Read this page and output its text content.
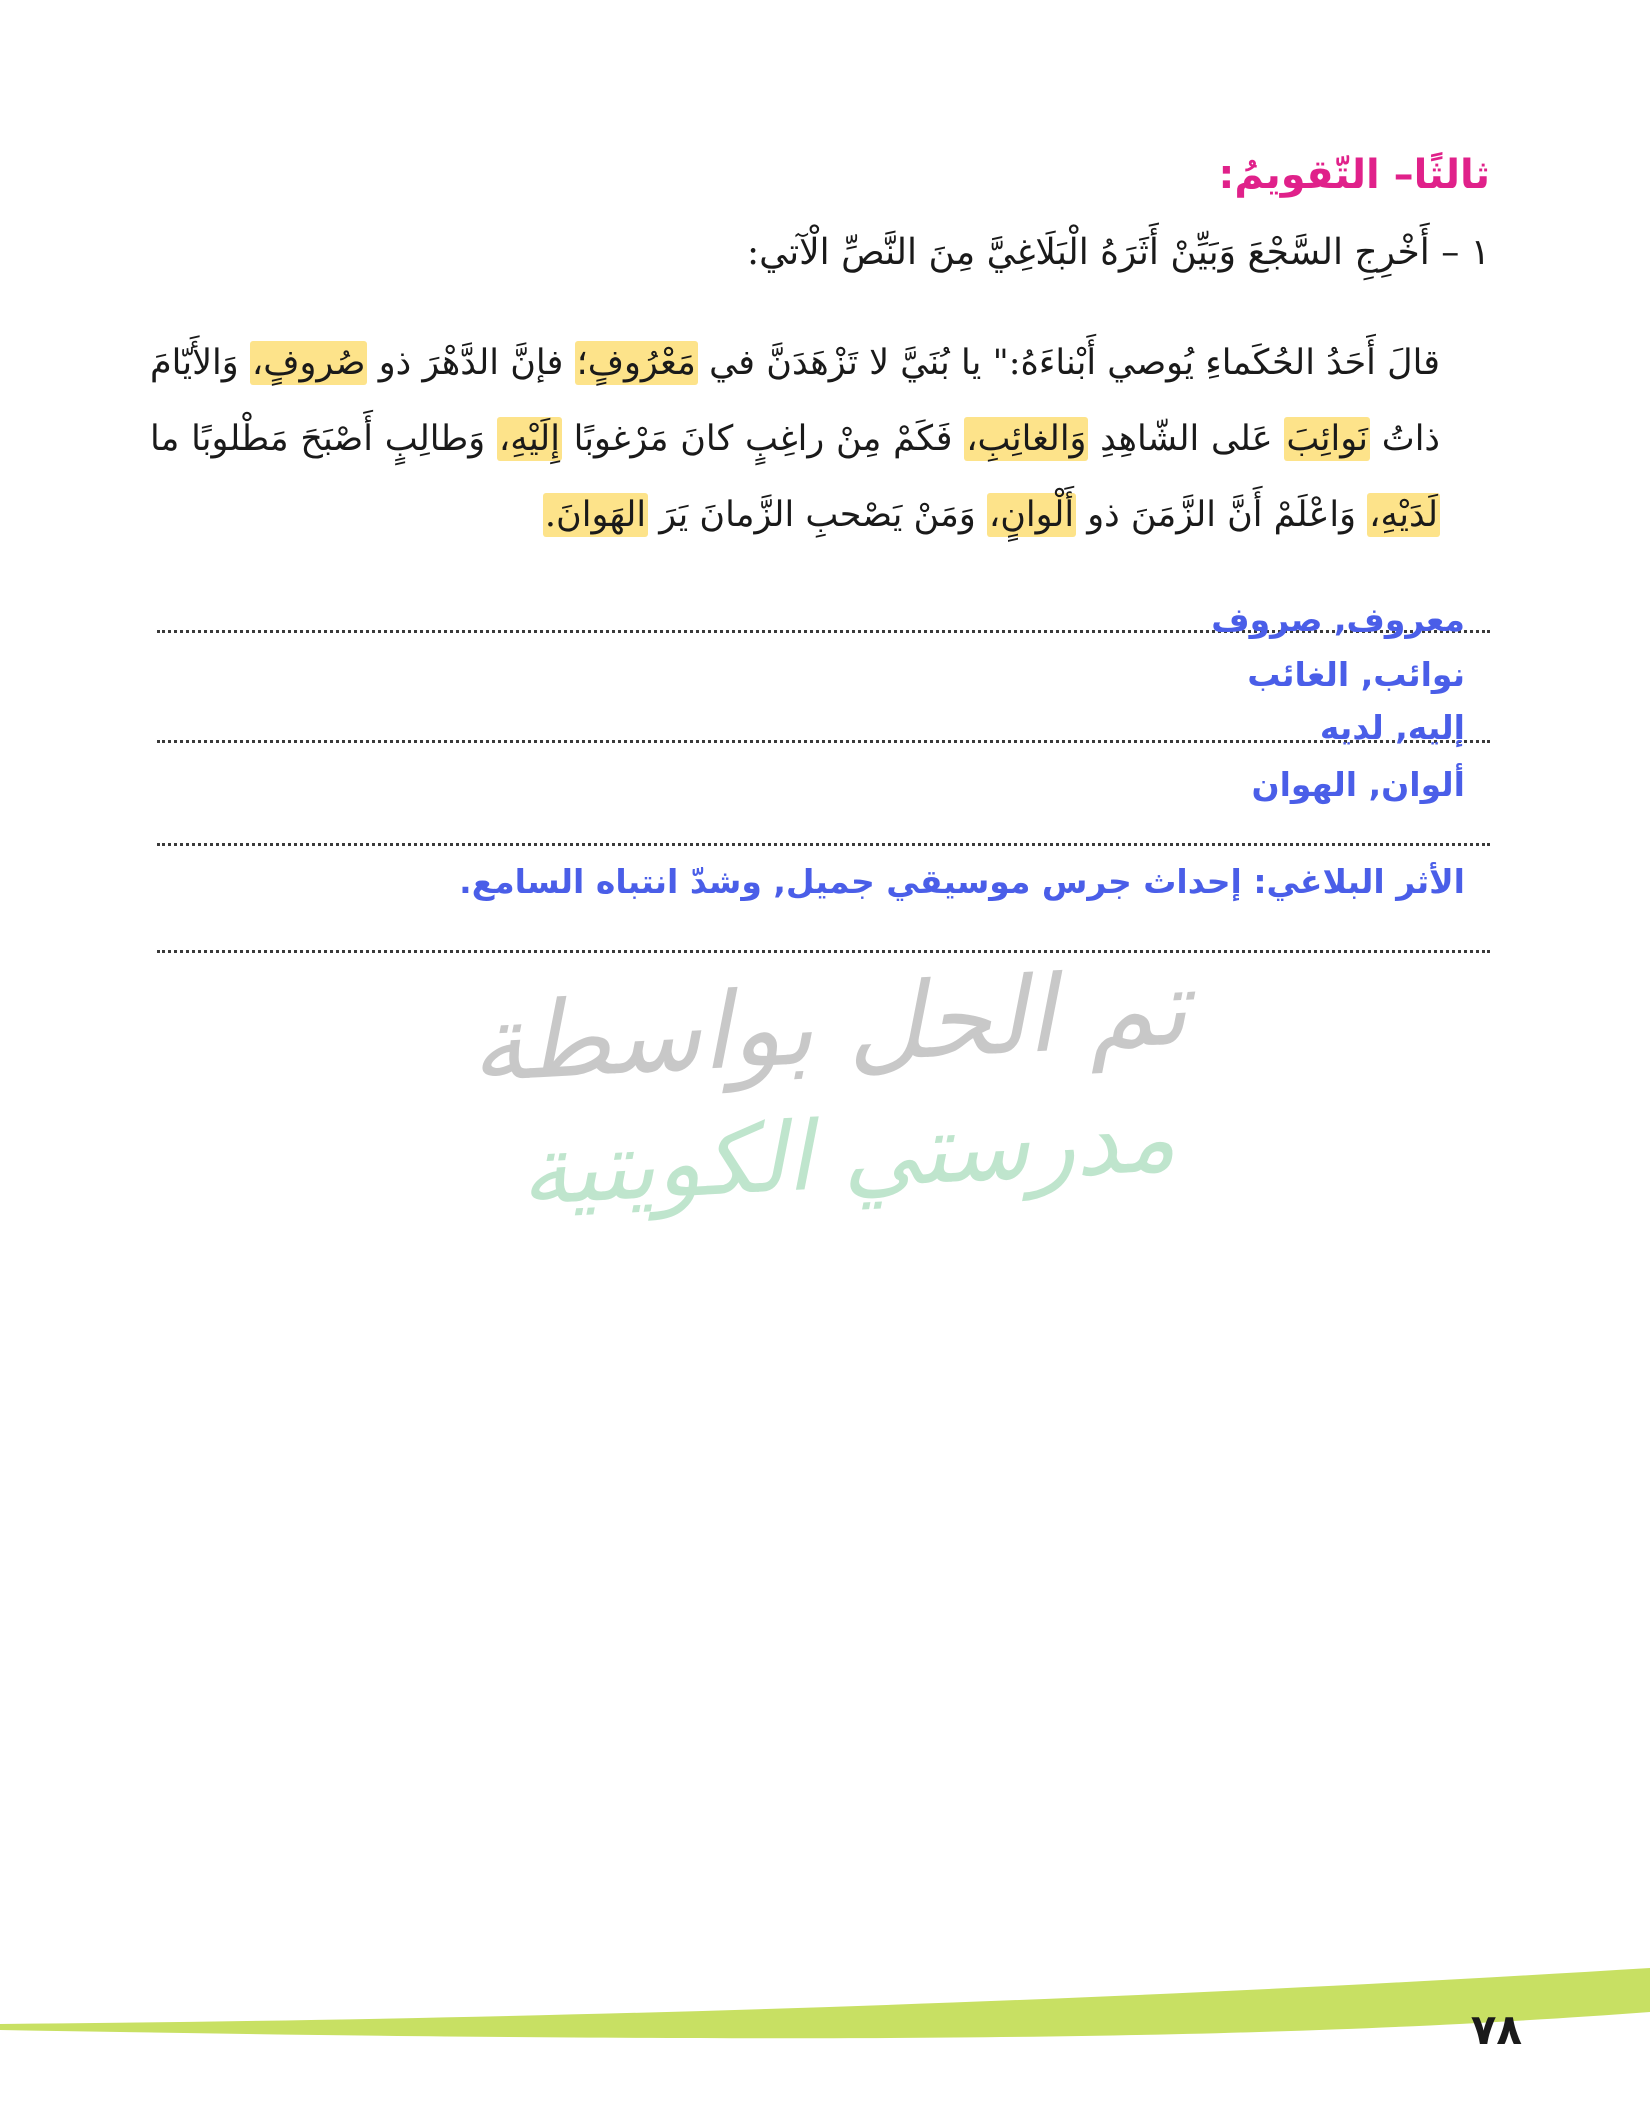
ثالثًا– التّقويمُ:
١ – أَخْرِجِ السَّجْعَ وَبَيِّنْ أَثَرَهُ الْبَلَاغِيَّ مِنَ النَّصِّ الْآتي:
قالَ أَحَدُ الحُكَماءِ يُوصي أَبْناءَهُ:" يا بُنَيَّ لا تَزْهَدَنَّ في مَعْرُوفٍ؛ فإنَّ الدَّهْرَ ذو صُروفٍ، وَالأَيّامَ ذاتُ نَوائِبَ عَلى الشّاهِدِ وَالغائِبِ، فَكَمْ مِنْ راغِبٍ كانَ مَرْغوبًا إِلَيْهِ، وَطالِبٍ أَصْبَحَ مَطْلوبًا ما لَدَيْهِ، وَاعْلَمْ أَنَّ الزَّمَنَ ذو أَلْوانٍ، وَمَنْ يَصْحبِ الزَّمانَ يَرَ الهَوانَ.
معروف, صروف
نوائب, الغائب
إليه, لديه
ألوان, الهوان
الأثر البلاغي: إحداث جرس موسيقي جميل, وشدّ انتباه السامع.
تم الحل بواسطة
مدرستي الكويتية
٧٨
